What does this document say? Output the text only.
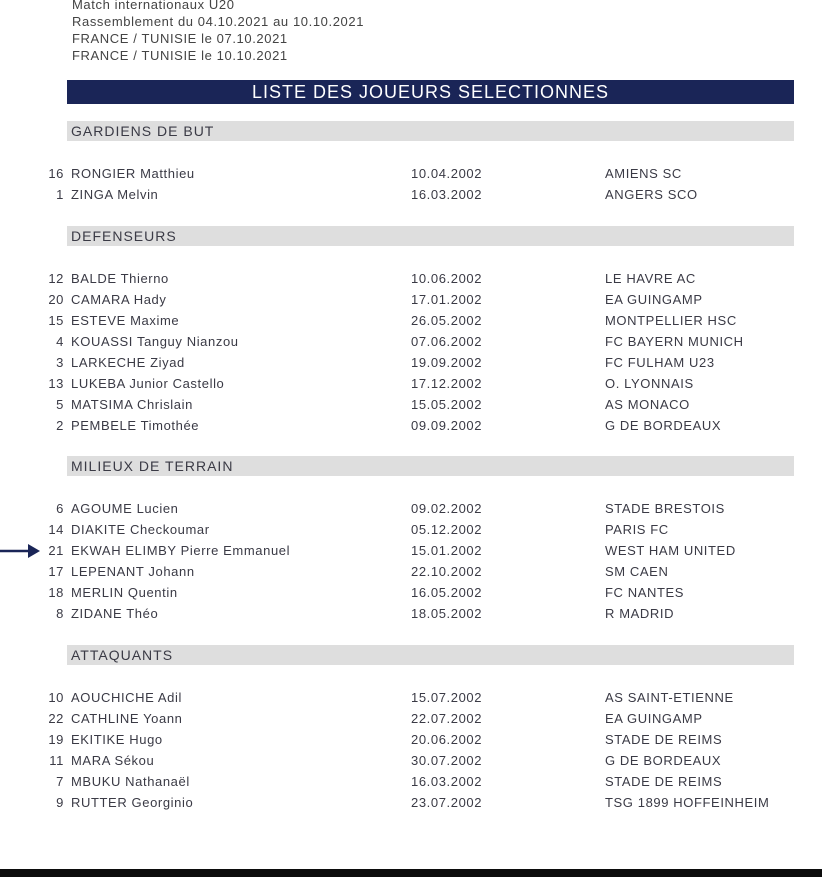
Match internationaux U20
Rassemblement du 04.10.2021 au 10.10.2021
FRANCE / TUNISIE le 07.10.2021
FRANCE / TUNISIE le 10.10.2021
LISTE DES JOUEURS SELECTIONNES
GARDIENS DE BUT
16 RONGIER Matthieu	10.04.2002	AMIENS SC
1 ZINGA Melvin	16.03.2002	ANGERS SCO
DEFENSEURS
12 BALDE Thierno	10.06.2002	LE HAVRE AC
20 CAMARA Hady	17.01.2002	EA GUINGAMP
15 ESTEVE Maxime	26.05.2002	MONTPELLIER HSC
4 KOUASSI Tanguy Nianzou	07.06.2002	FC BAYERN MUNICH
3 LARKECHE Ziyad	19.09.2002	FC FULHAM U23
13 LUKEBA Junior Castello	17.12.2002	O. LYONNAIS
5 MATSIMA Chrislain	15.05.2002	AS MONACO
2 PEMBELE Timothée	09.09.2002	G DE BORDEAUX
MILIEUX DE TERRAIN
6 AGOUME Lucien	09.02.2002	STADE BRESTOIS
14 DIAKITE Checkoumar	05.12.2002	PARIS FC
21 EKWAH ELIMBY Pierre Emmanuel	15.01.2002	WEST HAM UNITED
17 LEPENANT Johann	22.10.2002	SM CAEN
18 MERLIN Quentin	16.05.2002	FC NANTES
8 ZIDANE Théo	18.05.2002	R MADRID
ATTAQUANTS
10 AOUCHICHE Adil	15.07.2002	AS SAINT-ETIENNE
22 CATHLINE Yoann	22.07.2002	EA GUINGAMP
19 EKITIKE Hugo	20.06.2002	STADE DE REIMS
11 MARA Sékou	30.07.2002	G DE BORDEAUX
7 MBUKU Nathanaël	16.03.2002	STADE DE REIMS
9 RUTTER Georginio	23.07.2002	TSG 1899 HOFFEINHEIM
